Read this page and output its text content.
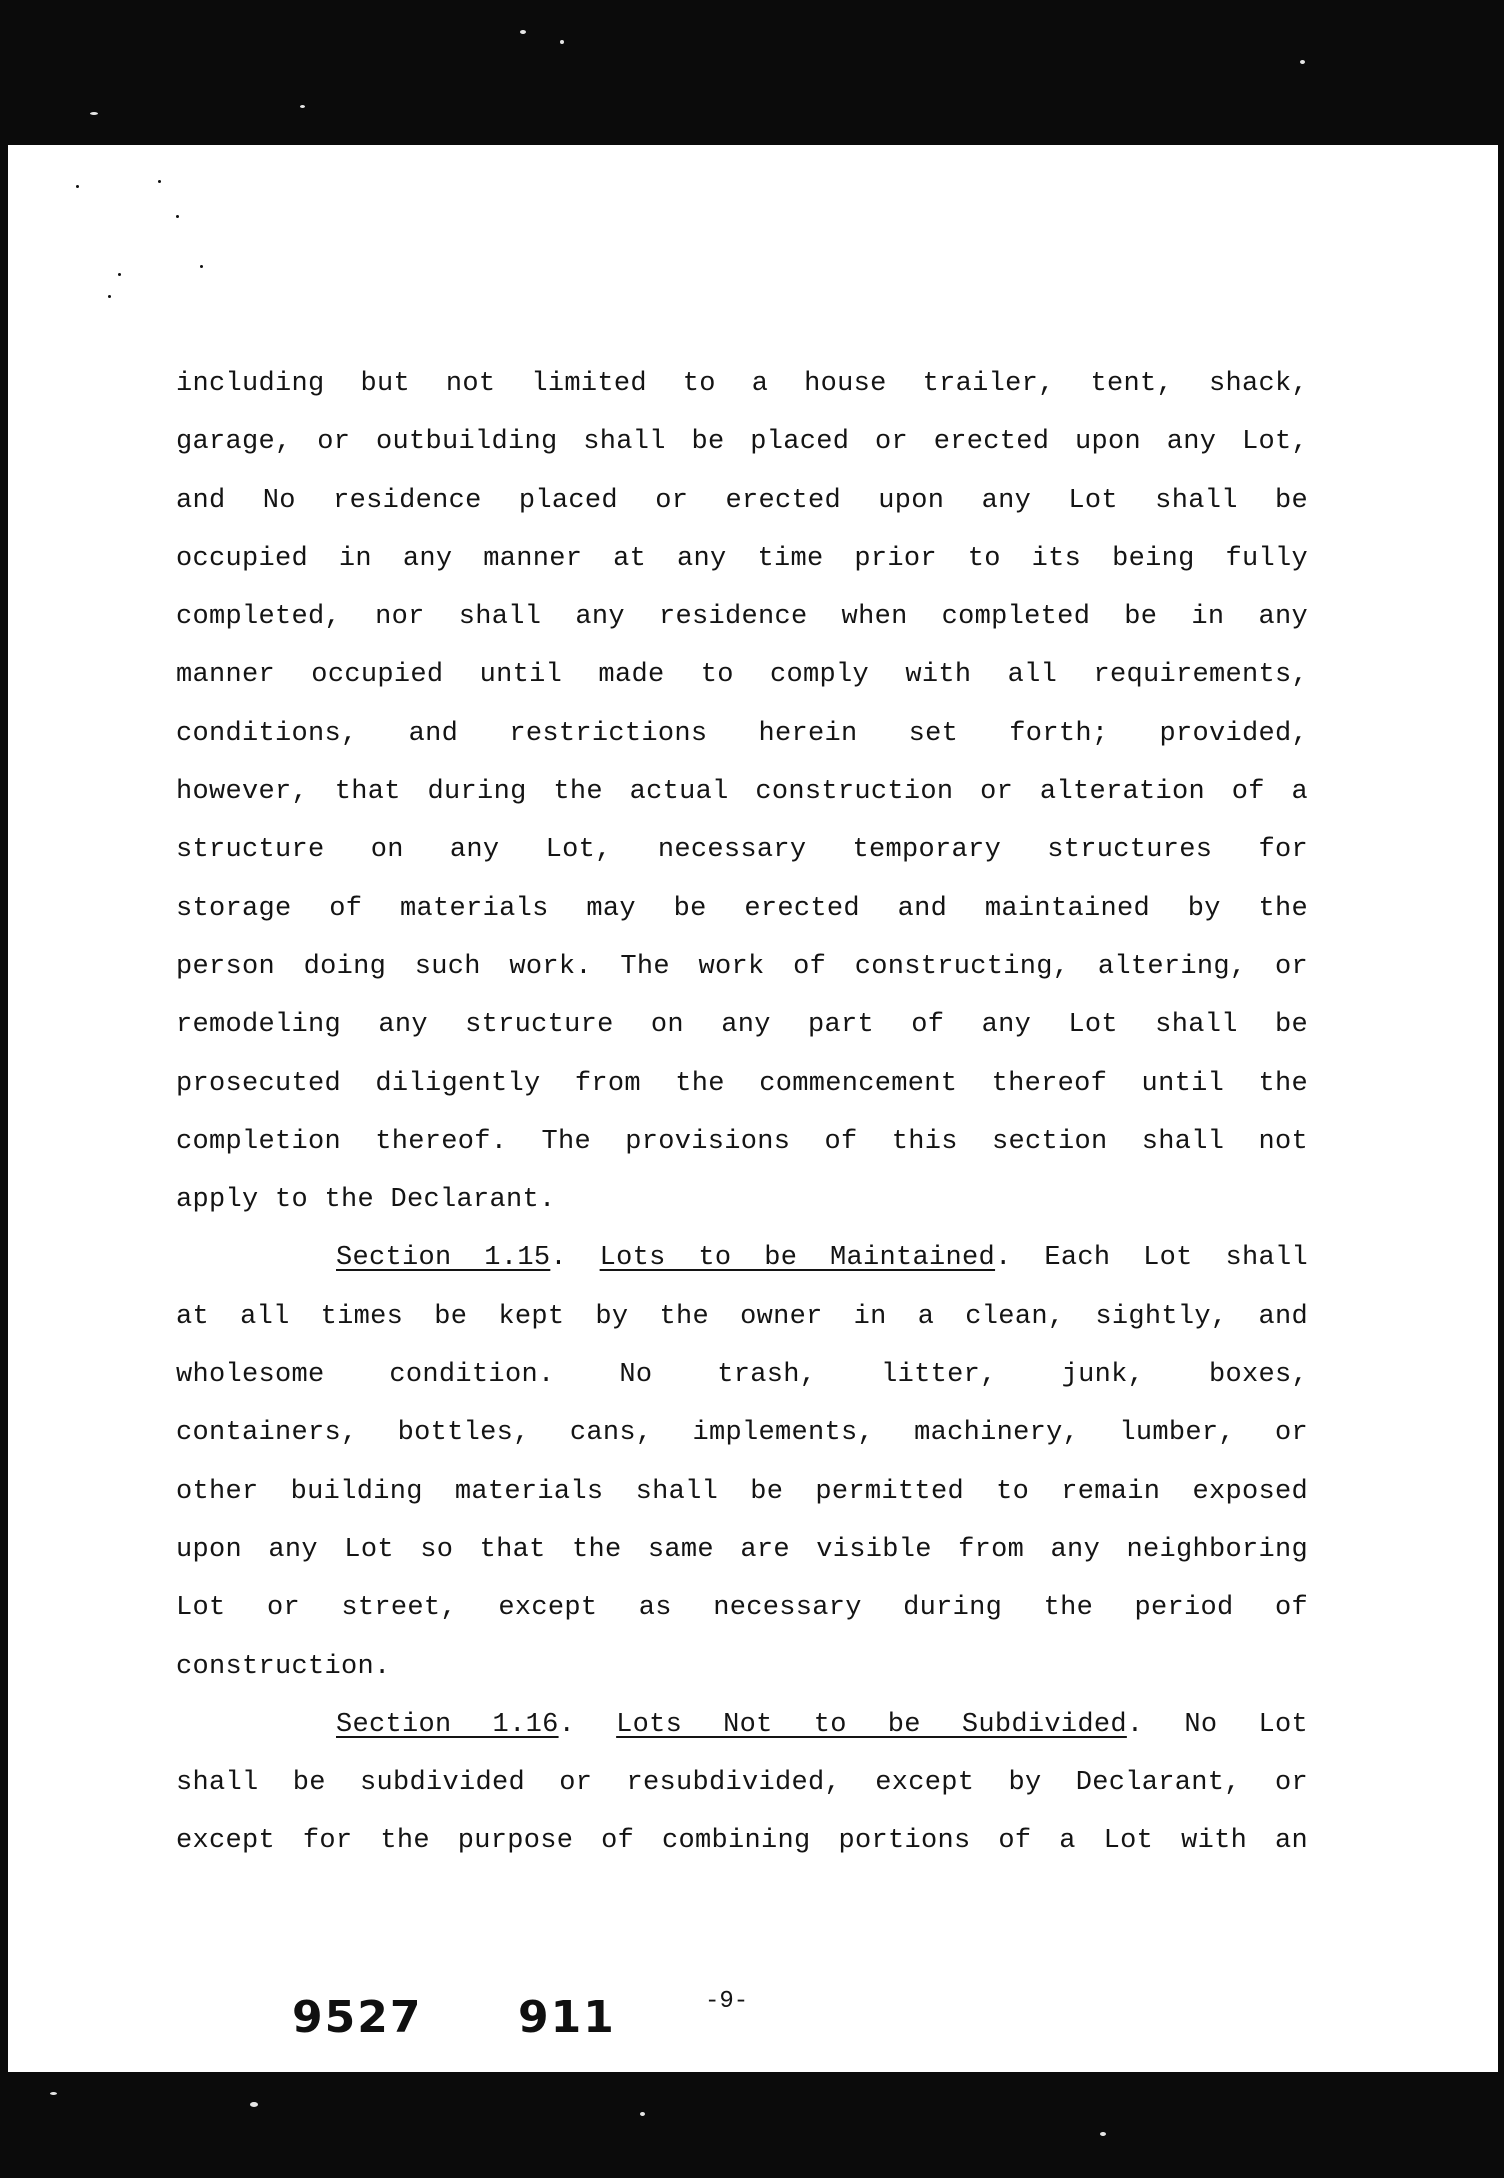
including but not limited to a house trailer, tent, shack,
garage, or outbuilding shall be placed or erected upon any Lot,
and No residence placed or erected upon any Lot shall be
occupied in any manner at any time prior to its being fully
completed, nor shall any residence when completed be in any
manner occupied until made to comply with all requirements,
conditions, and restrictions herein set forth; provided,
however, that during the actual construction or alteration of a
structure on any Lot, necessary temporary structures for
storage of materials may be erected and maintained by the
person doing such work. The work of constructing, altering, or
remodeling any structure on any part of any Lot shall be
prosecuted diligently from the commencement thereof until the
completion thereof. The provisions of this section shall not
apply to the Declarant.
Section 1.15. Lots to be Maintained. Each Lot shall
at all times be kept by the owner in a clean, sightly, and
wholesome condition. No trash, litter, junk, boxes,
containers, bottles, cans, implements, machinery, lumber, or
other building materials shall be permitted to remain exposed
upon any Lot so that the same are visible from any neighboring
Lot or street, except as necessary during the period of
construction.
Section 1.16. Lots Not to be Subdivided. No Lot
shall be subdivided or resubdivided, except by Declarant, or
except for the purpose of combining portions of a Lot with an
9527 911	-9-
